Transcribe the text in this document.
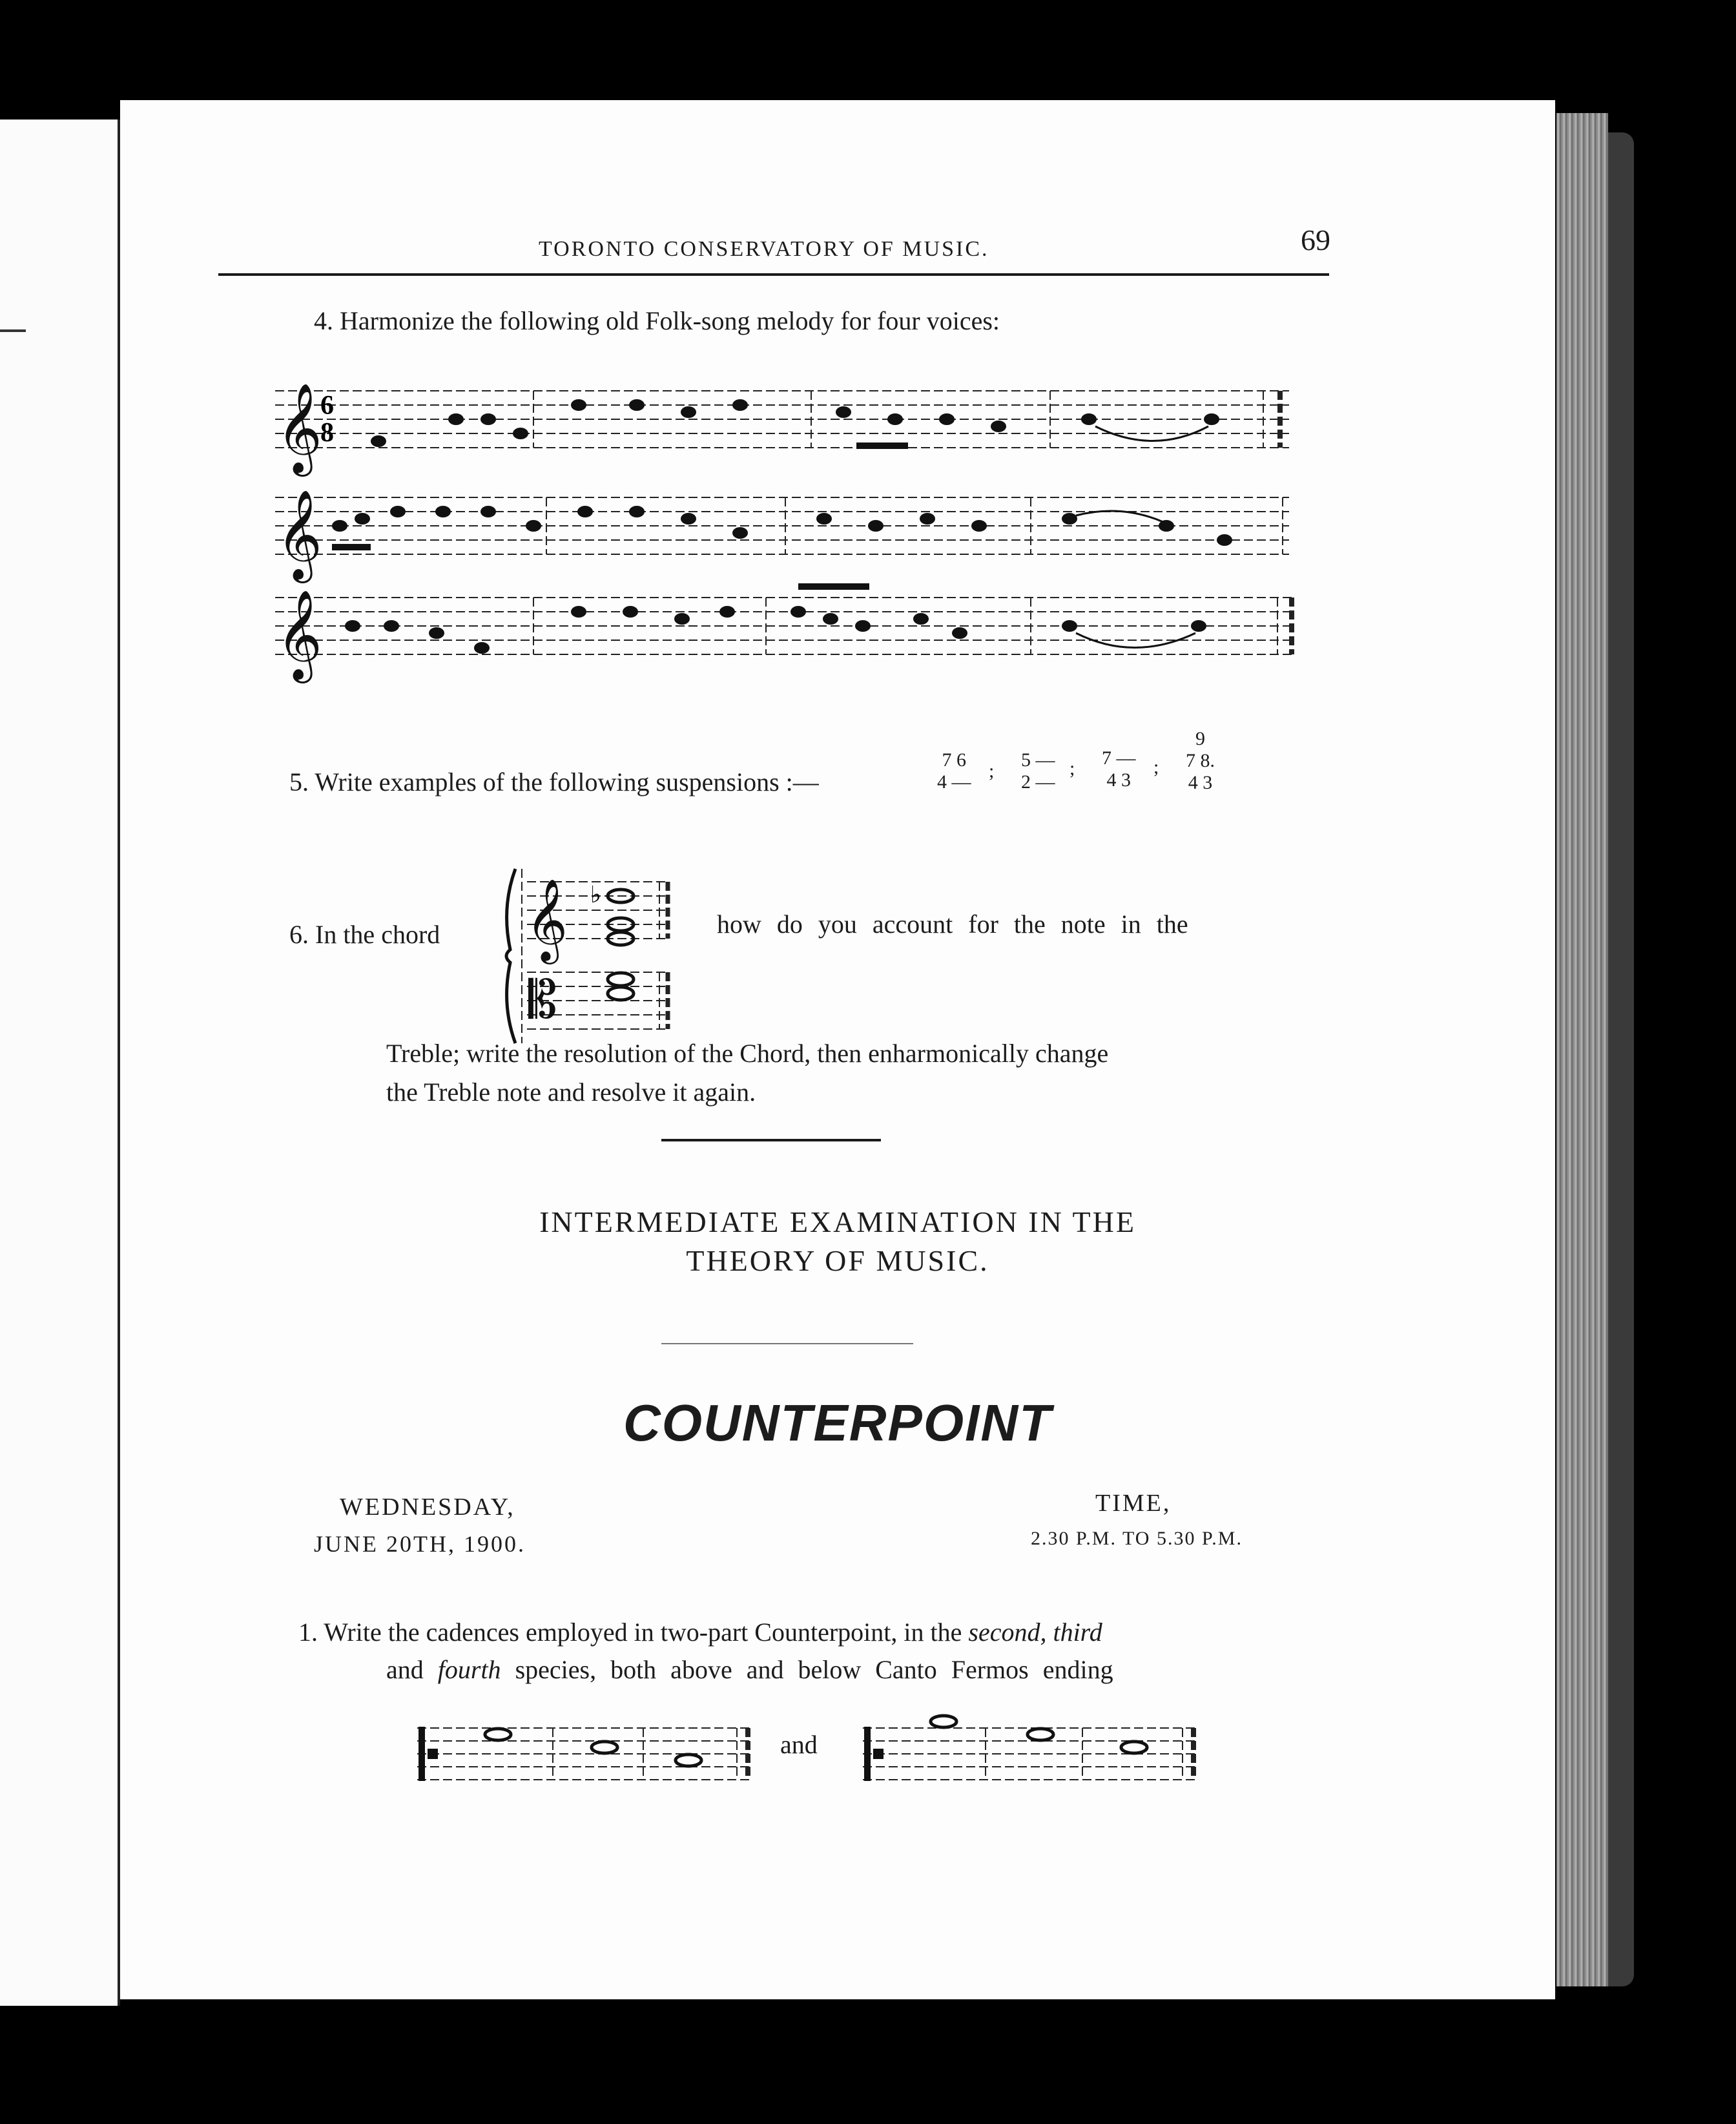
TORONTO CONSERVATORY OF MUSIC.	69
4. Harmonize the following old Folk-song melody for four voices:
𝄞
6
8
𝄞
𝄞
5. Write examples of the following suspensions :—
7 6
4 —
;
5 —
2 —
; 7 —
4 3
;
9
7 8.
4 3
6. In the chord 𝄞
𝄡
♭
how do you account for the note in the
Treble; write the resolution of the Chord, then enharmonically change
the Treble note and resolve it again.
INTERMEDIATE EXAMINATION IN THE
THEORY OF MUSIC.
COUNTERPOINT
WEDNESDAY,
JUNE 20TH, 1900.
TIME,
2.30 P.M. TO 5.30 P.M.
1. Write the cadences employed in two-part Counterpoint, in the second, third
and fourth species, both above and below Canto Fermos ending
and
